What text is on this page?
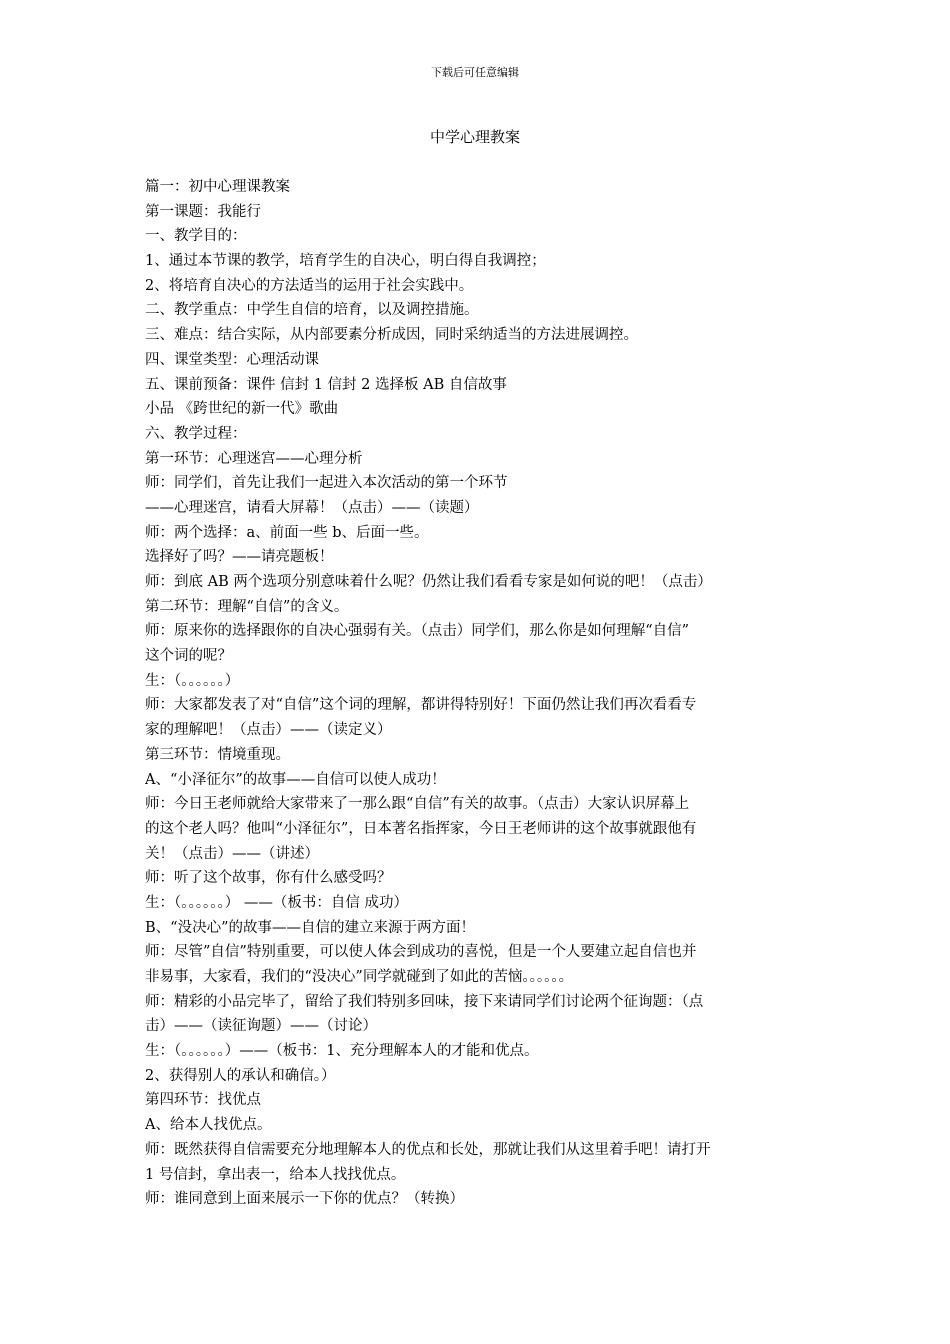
下载后可任意编辑
中学心理教案
篇一：初中心理课教案
第一课题：我能行
一、教学目的：
1、通过本节课的教学，培育学生的自决心，明白得自我调控；
2、将培育自决心的方法适当的运用于社会实践中。
二、教学重点：中学生自信的培育，以及调控措施。
三、难点：结合实际，从内部要素分析成因，同时采纳适当的方法进展调控。
四、课堂类型：心理活动课
五、课前预备：课件 信封 1 信封 2 选择板 AB 自信故事
小品 《跨世纪的新一代》歌曲
六、教学过程：
第一环节：心理迷宫——心理分析
师：同学们，首先让我们一起进入本次活动的第一个环节
——心理迷宫，请看大屏幕！（点击）——（读题）
师：两个选择：a、前面一些 b、后面一些。
选择好了吗？——请亮题板！
师：到底 AB 两个选项分别意味着什么呢？仍然让我们看看专家是如何说的吧！（点击）
第二环节：理解“自信”的含义。
师：原来你的选择跟你的自决心强弱有关。（点击）同学们，那么你是如何理解“自信”
这个词的呢？
生：（。。。。。。）
师：大家都发表了对“自信”这个词的理解，都讲得特别好！下面仍然让我们再次看看专
家的理解吧！（点击）——（读定义）
第三环节：情境重现。
A、“小泽征尔”的故事——自信可以使人成功！
师：今日王老师就给大家带来了一那么跟“自信”有关的故事。（点击）大家认识屏幕上
的这个老人吗？他叫“小泽征尔”，日本著名指挥家，今日王老师讲的这个故事就跟他有
关！（点击）——（讲述）
师：听了这个故事，你有什么感受吗？
生：（。。。。。。） ——（板书：自信 成功）
B、“没决心”的故事——自信的建立来源于两方面！
师：尽管”自信”特别重要，可以使人体会到成功的喜悦，但是一个人要建立起自信也并
非易事，大家看，我们的“没决心”同学就碰到了如此的苦恼。。。。。。
师：精彩的小品完毕了，留给了我们特别多回味，接下来请同学们讨论两个征询题：（点
击）——（读征询题）——（讨论）
生：（。。。。。。）——（板书：1、充分理解本人的才能和优点。
2、获得别人的承认和确信。）
第四环节：找优点
A、给本人找优点。
师：既然获得自信需要充分地理解本人的优点和长处，那就让我们从这里着手吧！请打开
1 号信封，拿出表一，给本人找找优点。
师：谁同意到上面来展示一下你的优点？（转换）
